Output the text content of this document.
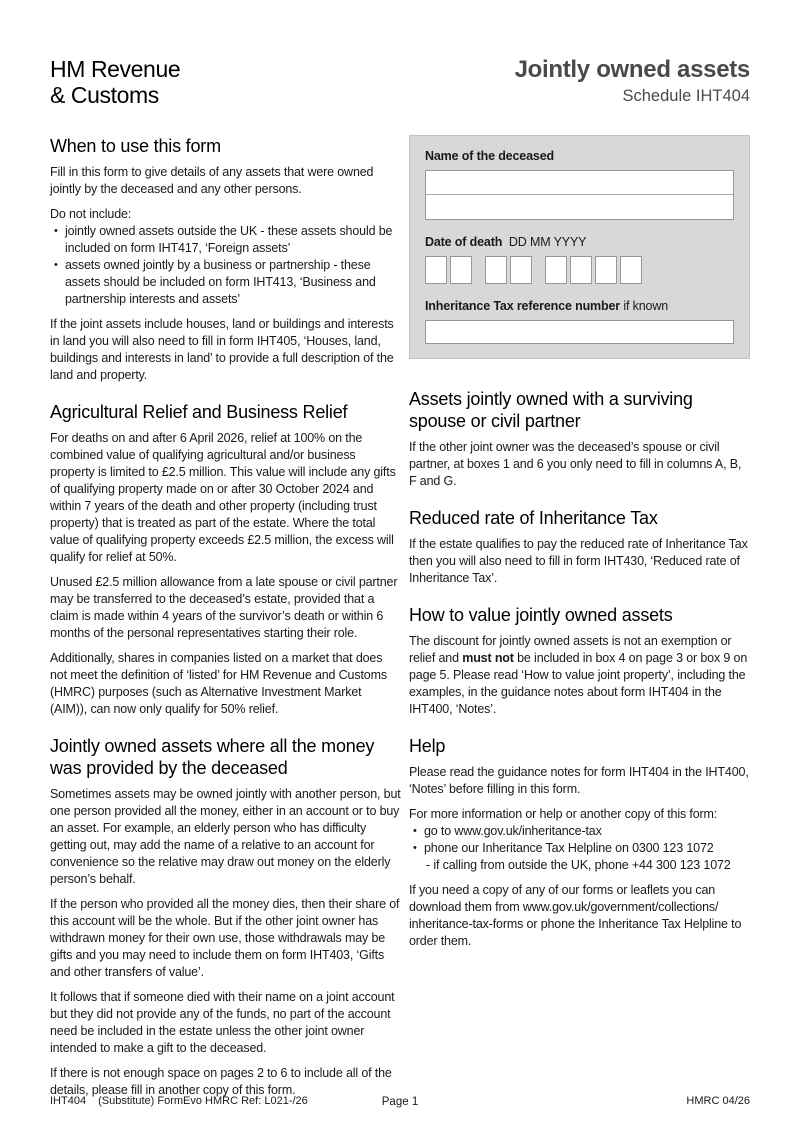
HM Revenue
& Customs
Jointly owned assets
Schedule IHT404
When to use this form

Fill in this form to give details of any assets that were owned jointly by the deceased and any other persons.

Do not include:

• jointly owned assets outside the UK - these assets should be included on form IHT417, ‘Foreign assets’
• assets owned jointly by a business or partnership - these assets should be included on form IHT413, ‘Business and partnership interests and assets’

If the joint assets include houses, land or buildings and interests in land you will also need to fill in form IHT405, ‘Houses, land, buildings and interests in land’ to provide a full description of the land and property.

Agricultural Relief and Business Relief

For deaths on and after 6 April 2026, relief at 100% on the combined value of qualifying agricultural and/or business property is limited to £2.5 million. This value will include any gifts of qualifying property made on or after 30 October 2024 and within 7 years of the death and other property (including trust property) that is treated as part of the estate. Where the total value of qualifying property exceeds £2.5 million, the excess will qualify for relief at 50%.

Unused £2.5 million allowance from a late spouse or civil partner may be transferred to the deceased’s estate, provided that a claim is made within 4 years of the survivor’s death or within 6 months of the personal representatives starting their role.

Additionally, shares in companies listed on a market that does not meet the definition of ‘listed’ for HM Revenue and Customs (HMRC) purposes (such as Alternative Investment Market (AIM)), can now only qualify for 50% relief.

Jointly owned assets where all the money was provided by the deceased

Sometimes assets may be owned jointly with another person, but one person provided all the money, either in an account or to buy an asset. For example, an elderly person who has difficulty getting out, may add the name of a relative to an account for convenience so the relative may draw out money on the elderly person’s behalf.

If the person who provided all the money dies, then their share of this account will be the whole. But if the other joint owner has withdrawn money for their own use, those withdrawals may be gifts and you may need to include them on form IHT403, ‘Gifts and other transfers of value’.

It follows that if someone died with their name on a joint account but they did not provide any of the funds, no part of the account need be included in the estate unless the other joint owner intended to make a gift to the deceased.

If there is not enough space on pages 2 to 6 to include all of the details, please fill in another copy of this form.

Name of the deceased
Date of death DD MM YYYY
Inheritance Tax reference number if known
Assets jointly owned with a surviving spouse or civil partner

If the other joint owner was the deceased’s spouse or civil partner, at boxes 1 and 6 you only need to fill in columns A, B, F and G.

Reduced rate of Inheritance Tax

If the estate qualifies to pay the reduced rate of Inheritance Tax then you will also need to fill in form IHT430, ‘Reduced rate of Inheritance Tax’.

How to value jointly owned assets

The discount for jointly owned assets is not an exemption or relief and must not be included in box 4 on page 3 or box 9 on page 5. Please read ‘How to value joint property’, including the examples, in the guidance notes about form IHT404 in the IHT400, ‘Notes’.

Help

Please read the guidance notes for form IHT404 in the IHT400, ‘Notes’ before filling in this form.

For more information or help or another copy of this form:

• go to www.gov.uk/inheritance-tax
• phone our Inheritance Tax Helpline on 0300 123 1072
- if calling from outside the UK, phone +44 300 123 1072

If you need a copy of any of our forms or leaflets you can download them from www.gov.uk/government/collections/ inheritance-tax-forms or phone the Inheritance Tax Helpline to order them.

IHT404 (Substitute) FormEvo HMRC Ref: L021-/26	Page 1	HMRC 04/26
